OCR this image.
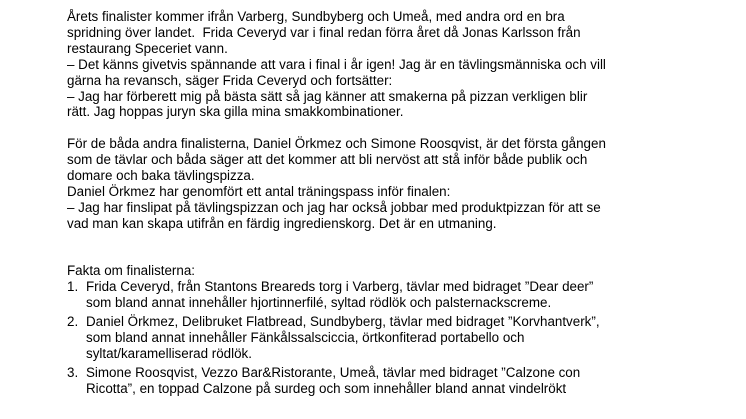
Årets finalister kommer ifrån Varberg, Sundbyberg och Umeå, med andra ord en bra
spridning över landet.  Frida Ceveryd var i final redan förra året då Jonas Karlsson från
restaurang Speceriet vann.
– Det känns givetvis spännande att vara i final i år igen! Jag är en tävlingsmänniska och vill
gärna ha revansch, säger Frida Ceveryd och fortsätter:
– Jag har förberett mig på bästa sätt så jag känner att smakerna på pizzan verkligen blir
rätt. Jag hoppas juryn ska gilla mina smakkombinationer.
För de båda andra finalisterna, Daniel Örkmez och Simone Roosqvist, är det första gången
som de tävlar och båda säger att det kommer att bli nervöst att stå inför både publik och
domare och baka tävlingspizza.
Daniel Örkmez har genomfört ett antal träningspass inför finalen:
– Jag har finslipat på tävlingspizzan och jag har också jobbar med produktpizzan för att se
vad man kan skapa utifrån en färdig ingredienskorg. Det är en utmaning.
Fakta om finalisterna:
1. Frida Ceveryd, från Stantons Breareds torg i Varberg, tävlar med bidraget ”Dear deer”
som bland annat innehåller hjortinnerfilé, syltad rödlök och palsternackscreme.
2. Daniel Örkmez, Delibruket Flatbread, Sundbyberg, tävlar med bidraget ”Korvhantverk”,
som bland annat innehåller Fänkålssalsciccia, örtkonfiterad portabello och
syltat/karamelliserad rödlök.
3. Simone Roosqvist, Vezzo Bar&Ristorante, Umeå, tävlar med bidraget ”Calzone con
Ricotta”, en toppad Calzone på surdeg och som innehåller bland annat vindelrökt
